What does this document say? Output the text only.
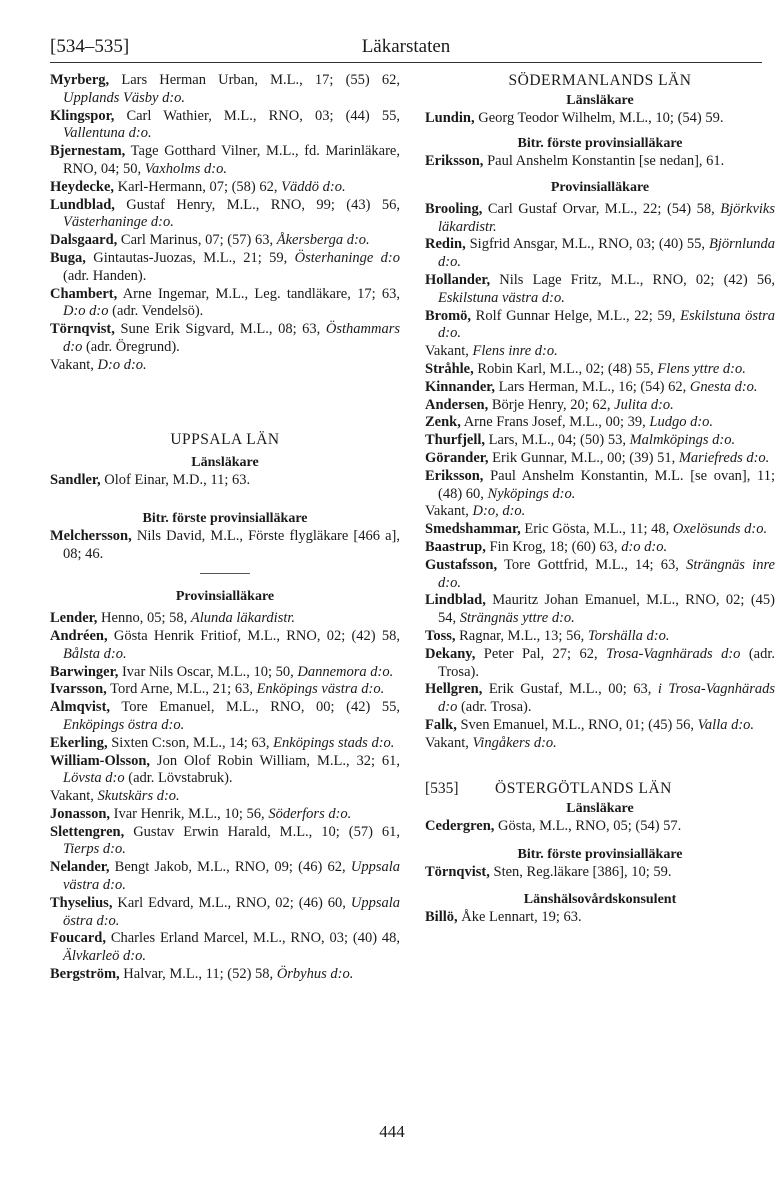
[534–535]	Läkarstaten

Myrberg, Lars Herman Urban, M.L., 17; (55) 62, Upplands Väsby d:o.

Klingspor, Carl Wathier, M.L., RNO, 03; (44) 55, Vallentuna d:o.

Bjernestam, Tage Gotthard Vilner, M.L., fd. Marinläkare, RNO, 04; 50, Vaxholms d:o.

Heydecke, Karl-Hermann, 07; (58) 62, Väddö d:o.

Lundblad, Gustaf Henry, M.L., RNO, 99; (43) 56, Västerhaninge d:o.

Dalsgaard, Carl Marinus, 07; (57) 63, Åkersberga d:o.

Buga, Gintautas-Juozas, M.L., 21; 59, Österhaninge d:o (adr. Handen).

Chambert, Arne Ingemar, M.L., Leg. tandläkare, 17; 63, D:o d:o (adr. Vendelsö).

Törnqvist, Sune Erik Sigvard, M.L., 08; 63, Östhammars d:o (adr. Öregrund).

Vakant, D:o d:o.

UPPSALA LÄN

Länsläkare

Sandler, Olof Einar, M.D., 11; 63.

Bitr. förste provinsialläkare

Melchersson, Nils David, M.L., Förste flygläkare [466 a], 08; 46.

Provinsialläkare

Lender, Henno, 05; 58, Alunda läkardistr.

Andréen, Gösta Henrik Fritiof, M.L., RNO, 02; (42) 58, Bålsta d:o.

Barwinger, Ivar Nils Oscar, M.L., 10; 50, Dannemora d:o.

Ivarsson, Tord Arne, M.L., 21; 63, Enköpings västra d:o.

Almqvist, Tore Emanuel, M.L., RNO, 00; (42) 55, Enköpings östra d:o.

Ekerling, Sixten C:son, M.L., 14; 63, Enköpings stads d:o.

William-Olsson, Jon Olof Robin William, M.L., 32; 61, Lövsta d:o (adr. Lövstabruk).

Vakant, Skutskärs d:o.

Jonasson, Ivar Henrik, M.L., 10; 56, Söderfors d:o.

Slettengren, Gustav Erwin Harald, M.L., 10; (57) 61, Tierps d:o.

Nelander, Bengt Jakob, M.L., RNO, 09; (46) 62, Uppsala västra d:o.

Thyselius, Karl Edvard, M.L., RNO, 02; (46) 60, Uppsala östra d:o.

Foucard, Charles Erland Marcel, M.L., RNO, 03; (40) 48, Älvkarleö d:o.

Bergström, Halvar, M.L., 11; (52) 58, Örbyhus d:o.

SÖDERMANLANDS LÄN

Länsläkare

Lundin, Georg Teodor Wilhelm, M.L., 10; (54) 59.

Bitr. förste provinsialläkare

Eriksson, Paul Anshelm Konstantin [se nedan], 61.

Provinsialläkare

Brooling, Carl Gustaf Orvar, M.L., 22; (54) 58, Björkviks läkardistr.

Redin, Sigfrid Ansgar, M.L., RNO, 03; (40) 55, Björnlunda d:o.

Hollander, Nils Lage Fritz, M.L., RNO, 02; (42) 56, Eskilstuna västra d:o.

Bromö, Rolf Gunnar Helge, M.L., 22; 59, Eskilstuna östra d:o.

Vakant, Flens inre d:o.

Stråhle, Robin Karl, M.L., 02; (48) 55, Flens yttre d:o.

Kinnander, Lars Herman, M.L., 16; (54) 62, Gnesta d:o.

Andersen, Börje Henry, 20; 62, Julita d:o.

Zenk, Arne Frans Josef, M.L., 00; 39, Ludgo d:o.

Thurfjell, Lars, M.L., 04; (50) 53, Malmköpings d:o.

Görander, Erik Gunnar, M.L., 00; (39) 51, Mariefreds d:o.

Eriksson, Paul Anshelm Konstantin, M.L. [se ovan], 11; (48) 60, Nyköpings d:o.

Vakant, D:o, d:o.

Smedshammar, Eric Gösta, M.L., 11; 48, Oxelösunds d:o.

Baastrup, Fin Krog, 18; (60) 63, d:o d:o.

Gustafsson, Tore Gottfrid, M.L., 14; 63, Strängnäs inre d:o.

Lindblad, Mauritz Johan Emanuel, M.L., RNO, 02; (45) 54, Strängnäs yttre d:o.

Toss, Ragnar, M.L., 13; 56, Torshälla d:o.

Dekany, Peter Pal, 27; 62, Trosa-Vagnhärads d:o (adr. Trosa).

Hellgren, Erik Gustaf, M.L., 00; 63, i Trosa-Vagnhärads d:o (adr. Trosa).

Falk, Sven Emanuel, M.L., RNO, 01; (45) 56, Valla d:o.

Vakant, Vingåkers d:o.

[535]	ÖSTERGÖTLANDS LÄN

Länsläkare

Cedergren, Gösta, M.L., RNO, 05; (54) 57.

Bitr. förste provinsialläkare

Törnqvist, Sten, Reg.läkare [386], 10; 59.

Länshälsovårdskonsulent

Billö, Åke Lennart, 19; 63.

444
